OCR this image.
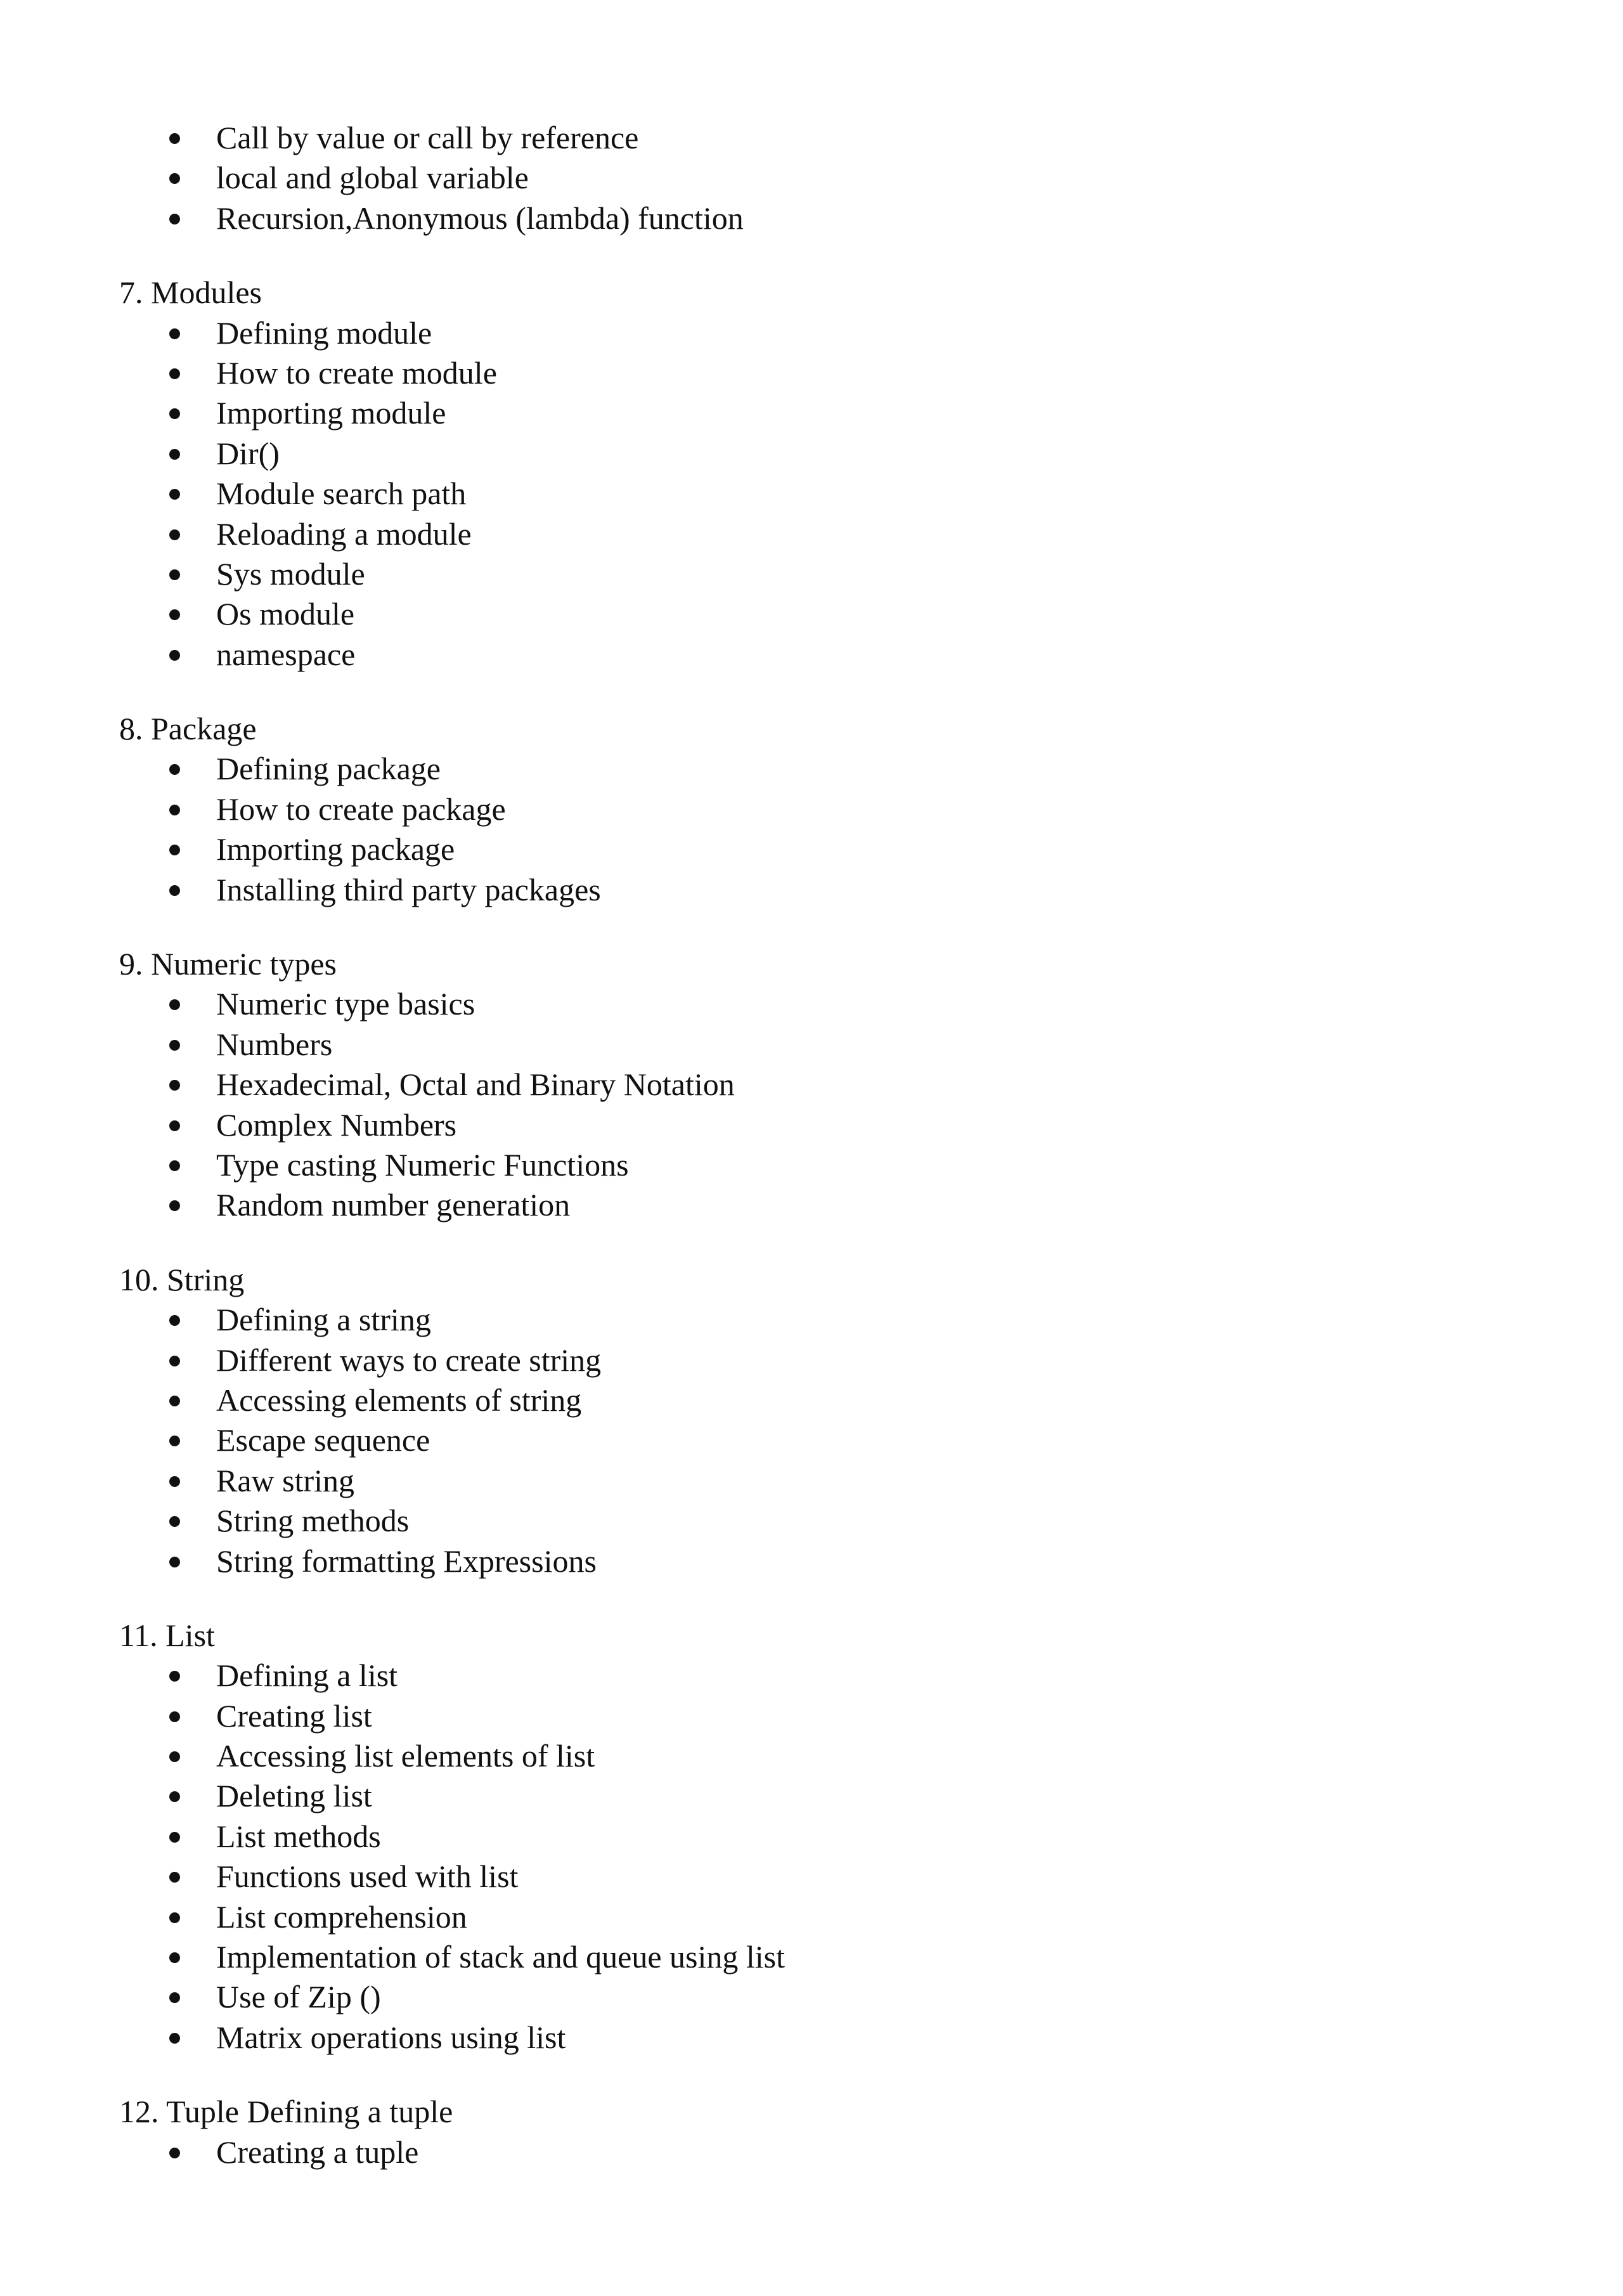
Call by value or call by reference
local and global variable
Recursion,Anonymous (lambda) function
7. Modules
Defining module
How to create module
Importing module
Dir()
Module search path
Reloading a module
Sys module
Os module
namespace
8. Package
Defining package
How to create package
Importing package
Installing third party packages
9. Numeric types
Numeric type basics
Numbers
Hexadecimal, Octal and Binary Notation
Complex Numbers
Type casting Numeric Functions
Random number generation
10. String
Defining a string
Different ways to create string
Accessing elements of string
Escape sequence
Raw string
String methods
String formatting Expressions
11. List
Defining a list
Creating list
Accessing list elements of list
Deleting list
List methods
Functions used with list
List comprehension
Implementation of stack and queue using list
Use of Zip ()
Matrix operations using list
12. Tuple Defining a tuple
Creating a tuple
